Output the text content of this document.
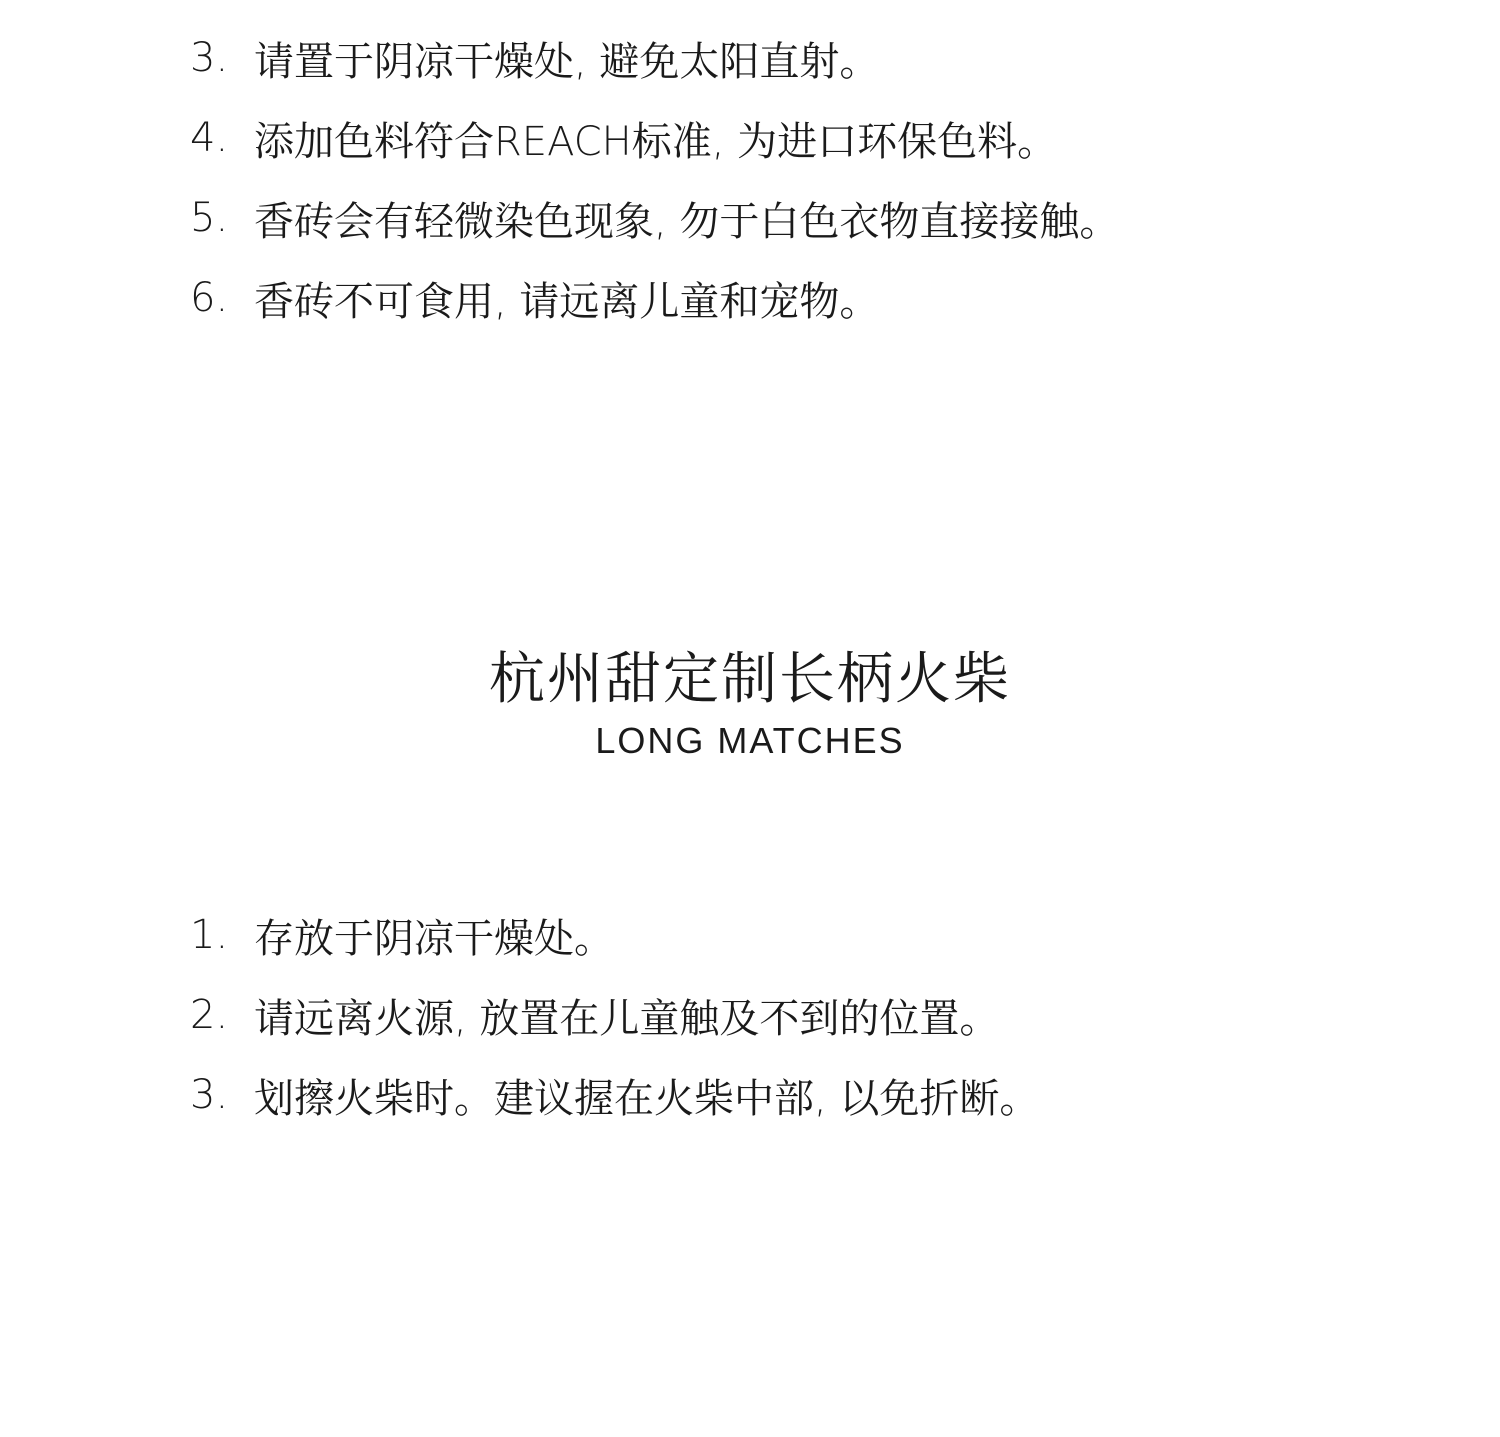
3. 请置于阴凉干燥处, 避免太阳直射。
4. 添加色料符合REACH标准, 为进口环保色料。
5. 香砖会有轻微染色现象, 勿于白色衣物直接接触。
6. 香砖不可食用, 请远离儿童和宠物。
杭州甜定制长柄火柴
LONG MATCHES
1. 存放于阴凉干燥处。
2. 请远离火源, 放置在儿童触及不到的位置。
3. 划擦火柴时。建议握在火柴中部, 以免折断。
